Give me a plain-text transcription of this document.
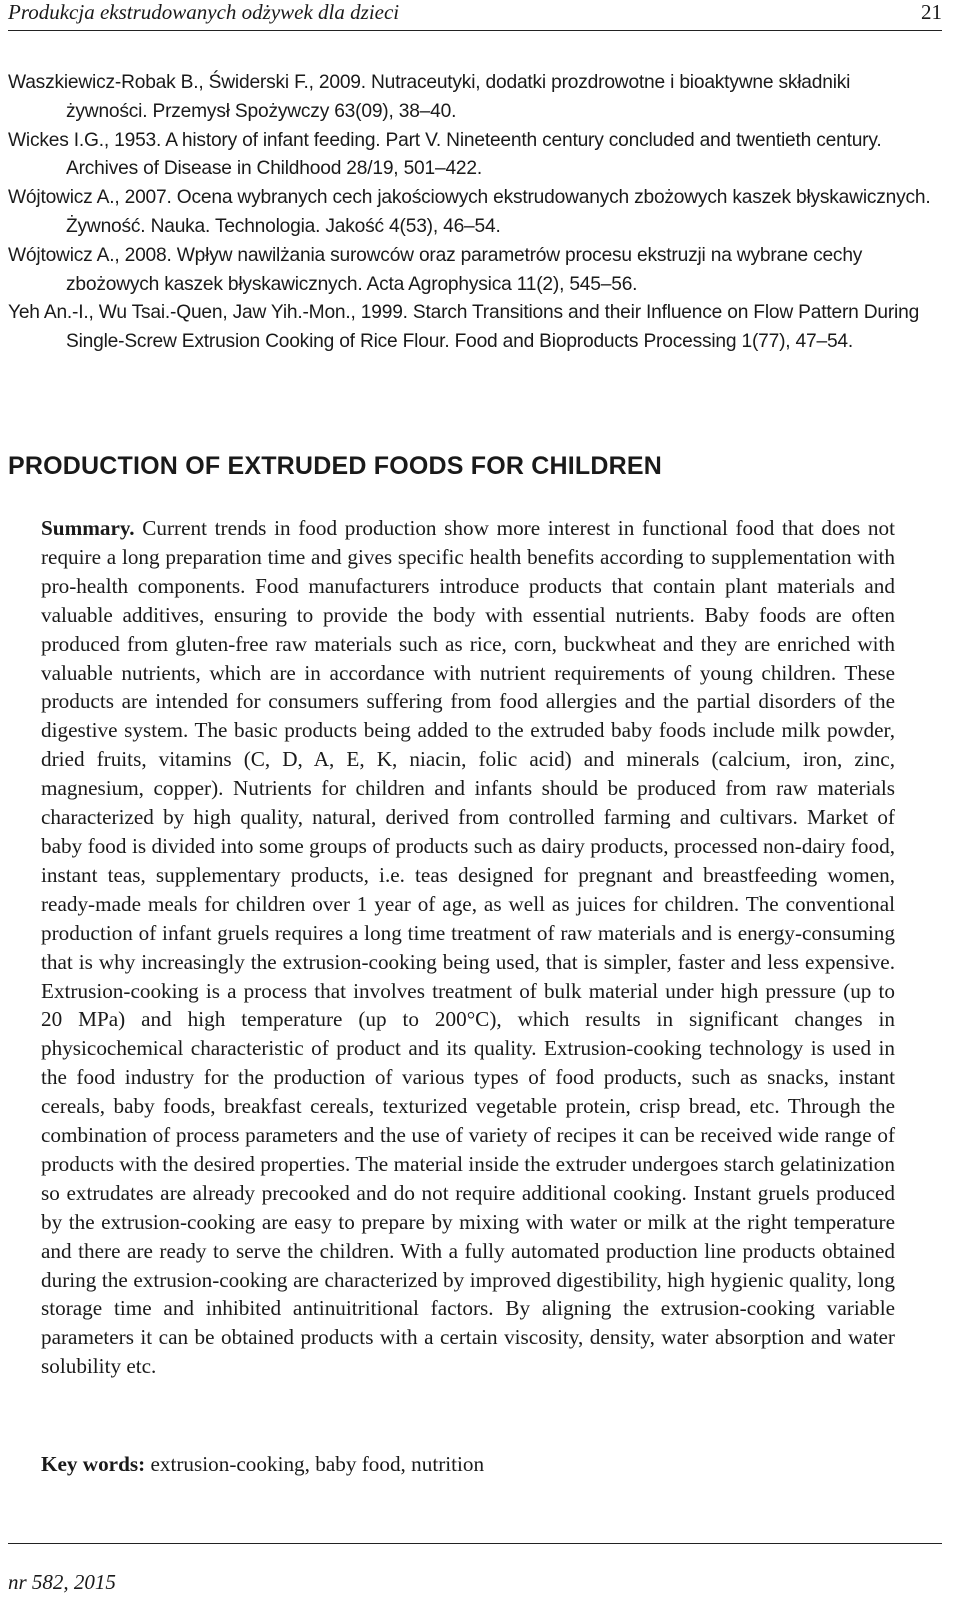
Produkcja ekstrudowanych odżywek dla dzieci	21
Waszkiewicz-Robak B., Świderski F., 2009. Nutraceutyki, dodatki prozdrowotne i bioaktywne składniki żywności. Przemysł Spożywczy 63(09), 38–40.
Wickes I.G., 1953. A history of infant feeding. Part V. Nineteenth century concluded and twentieth century. Archives of Disease in Childhood 28/19, 501–422.
Wójtowicz A., 2007. Ocena wybranych cech jakościowych ekstrudowanych zbożowych kaszek błyskawicznych. Żywność. Nauka. Technologia. Jakość 4(53), 46–54.
Wójtowicz A., 2008. Wpływ nawilżania surowców oraz parametrów procesu ekstruzji na wybrane cechy zbożowych kaszek błyskawicznych. Acta Agrophysica 11(2), 545–56.
Yeh An.-I., Wu Tsai.-Quen, Jaw Yih.-Mon., 1999. Starch Transitions and their Influence on Flow Pattern During Single-Screw Extrusion Cooking of Rice Flour. Food and Bioproducts Processing 1(77), 47–54.
PRODUCTION OF EXTRUDED FOODS FOR CHILDREN

Summary. Current trends in food production show more interest in functional food that does not require a long preparation time and gives specific health benefits according to supplementation with pro-health components. Food manufacturers introduce products that contain plant materials and valuable additives, ensuring to provide the body with essential nutrients. Baby foods are often produced from gluten-free raw materials such as rice, corn, buckwheat and they are enriched with valuable nutrients, which are in accordance with nutrient requirements of young children. These products are intended for consumers suffering from food allergies and the partial disorders of the digestive system. The basic products being added to the extruded baby foods include milk powder, dried fruits, vitamins (C, D, A, E, K, niacin, folic acid) and minerals (calcium, iron, zinc, magnesium, copper). Nutrients for children and infants should be produced from raw materials characterized by high quality, natural, derived from controlled farming and cultivars. Market of baby food is divided into some groups of products such as dairy products, processed non-dairy food, instant teas, supplementary products, i.e. teas designed for pregnant and breastfeeding women, ready-made meals for children over 1 year of age, as well as juices for children. The conventional production of infant gruels requires a long time treatment of raw materials and is energy-consuming that is why increasingly the extrusion-cooking being used, that is simpler, faster and less expensive. Extrusion-cooking is a process that involves treatment of bulk material under high pressure (up to 20 MPa) and high temperature (up to 200°C), which results in significant changes in physicochemical characteristic of product and its quality. Extrusion-cooking technology is used in the food industry for the production of various types of food products, such as snacks, instant cereals, baby foods, breakfast cereals, texturized vegetable protein, crisp bread, etc. Through the combination of process parameters and the use of variety of recipes it can be received wide range of products with the desired properties. The material inside the extruder undergoes starch gelatinization so extrudates are already precooked and do not require additional cooking. Instant gruels produced by the extrusion-cooking are easy to prepare by mixing with water or milk at the right temperature and there are ready to serve the children. With a fully automated production line products obtained during the extrusion-cooking are characterized by improved digestibility, high hygienic quality, long storage time and inhibited antinuitritional factors. By aligning the extrusion-cooking variable parameters it can be obtained products with a certain viscosity, density, water absorption and water solubility etc.

Key words: extrusion-cooking, baby food, nutrition

nr 582, 2015
